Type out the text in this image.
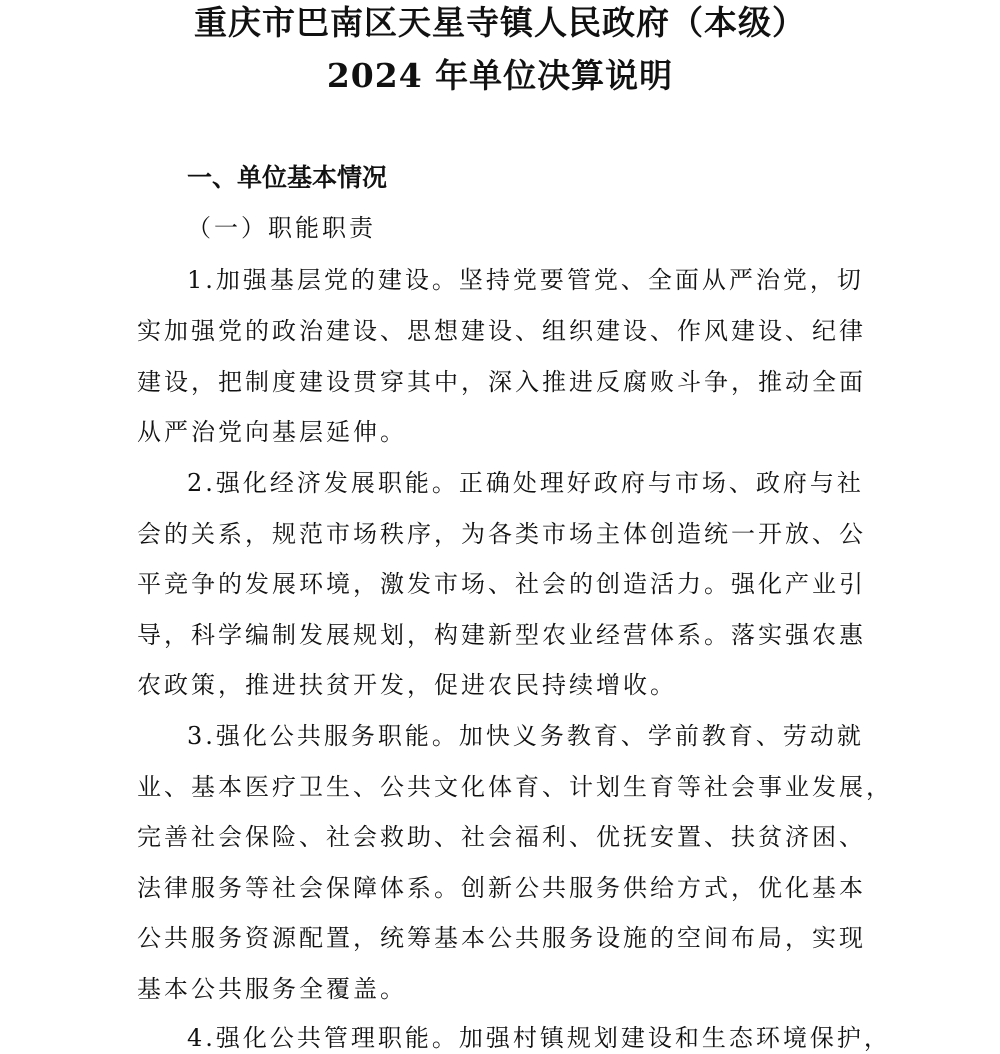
重庆市巴南区天星寺镇人民政府（本级）
2024 年单位决算说明
一、单位基本情况
（一）职能职责
1.加强基层党的建设。坚持党要管党、全面从严治党，切
实加强党的政治建设、思想建设、组织建设、作风建设、纪律
建设，把制度建设贯穿其中，深入推进反腐败斗争，推动全面
从严治党向基层延伸。
2.强化经济发展职能。正确处理好政府与市场、政府与社
会的关系，规范市场秩序，为各类市场主体创造统一开放、公
平竞争的发展环境，激发市场、社会的创造活力。强化产业引
导，科学编制发展规划，构建新型农业经营体系。落实强农惠
农政策，推进扶贫开发，促进农民持续增收。
3.强化公共服务职能。加快义务教育、学前教育、劳动就
业、基本医疗卫生、公共文化体育、计划生育等社会事业发展，
完善社会保险、社会救助、社会福利、优抚安置、扶贫济困、
法律服务等社会保障体系。创新公共服务供给方式，优化基本
公共服务资源配置，统筹基本公共服务设施的空间布局，实现
基本公共服务全覆盖。
4.强化公共管理职能。加强村镇规划建设和生态环境保护，
